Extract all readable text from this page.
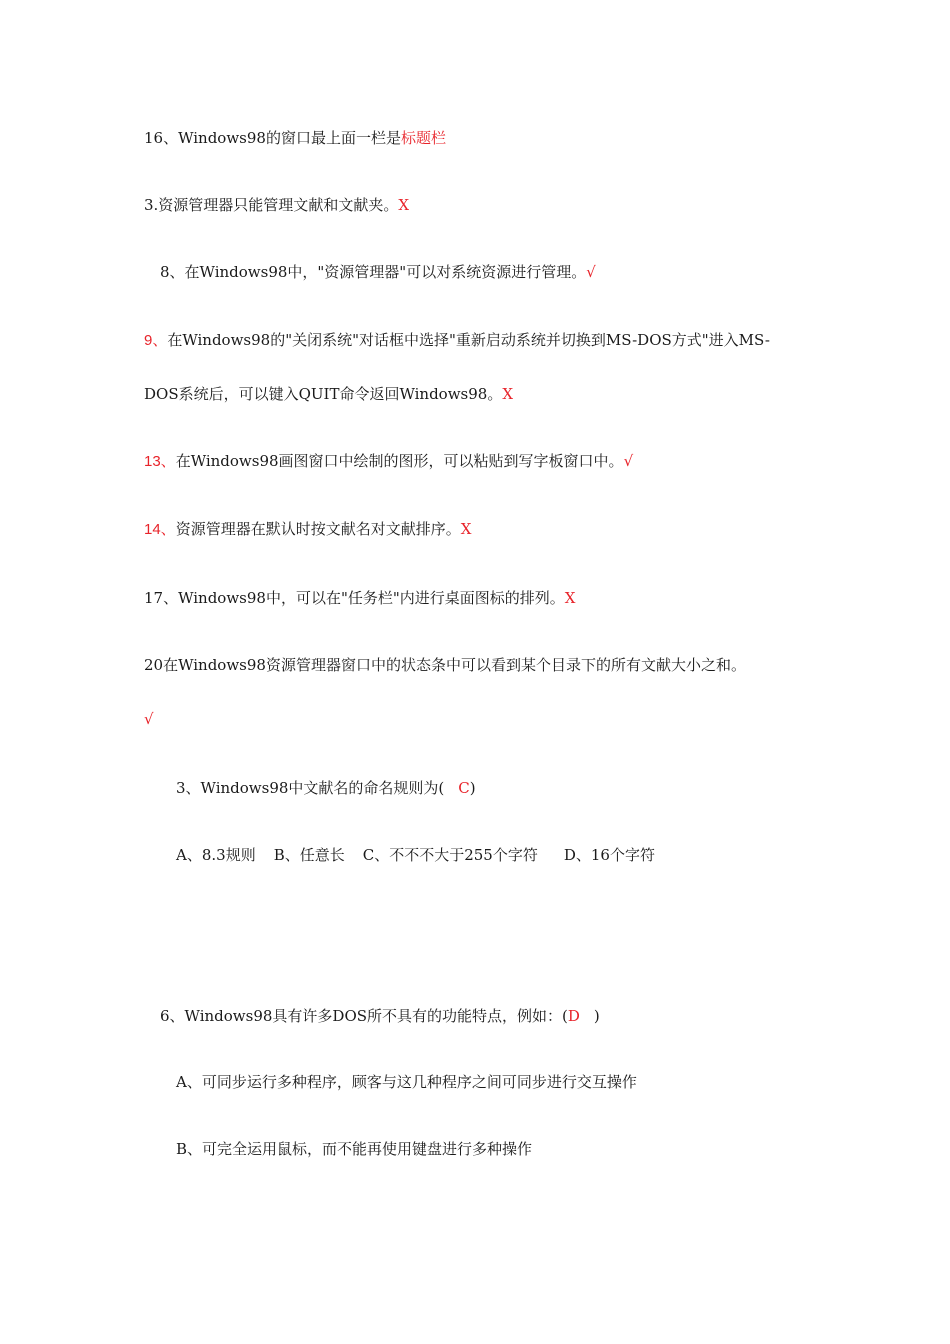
16、Windows98的窗口最上面一栏是标题栏
3.资源管理器只能管理文献和文献夹。X
8、在Windows98中，"资源管理器"可以对系统资源进行管理。√
9、在Windows98的"关闭系统"对话框中选择"重新启动系统并切换到MS-DOS方式"进入MS-
DOS系统后，可以键入QUIT命令返回Windows98。X
13、在Windows98画图窗口中绘制的图形，可以粘贴到写字板窗口中。√
14、资源管理器在默认时按文献名对文献排序。X
17、Windows98中，可以在"任务栏"内进行桌面图标的排列。X
20在Windows98资源管理器窗口中的状态条中可以看到某个目录下的所有文献大小之和。
√
3、Windows98中文献名的命名规则为( C)
A、8.3规则 B、任意长 C、不不不大于255个字符 D、16个字符
6、Windows98具有许多DOS所不具有的功能特点，例如：(D )
A、可同步运行多种程序，顾客与这几种程序之间可同步进行交互操作
B、可完全运用鼠标，而不能再使用键盘进行多种操作
